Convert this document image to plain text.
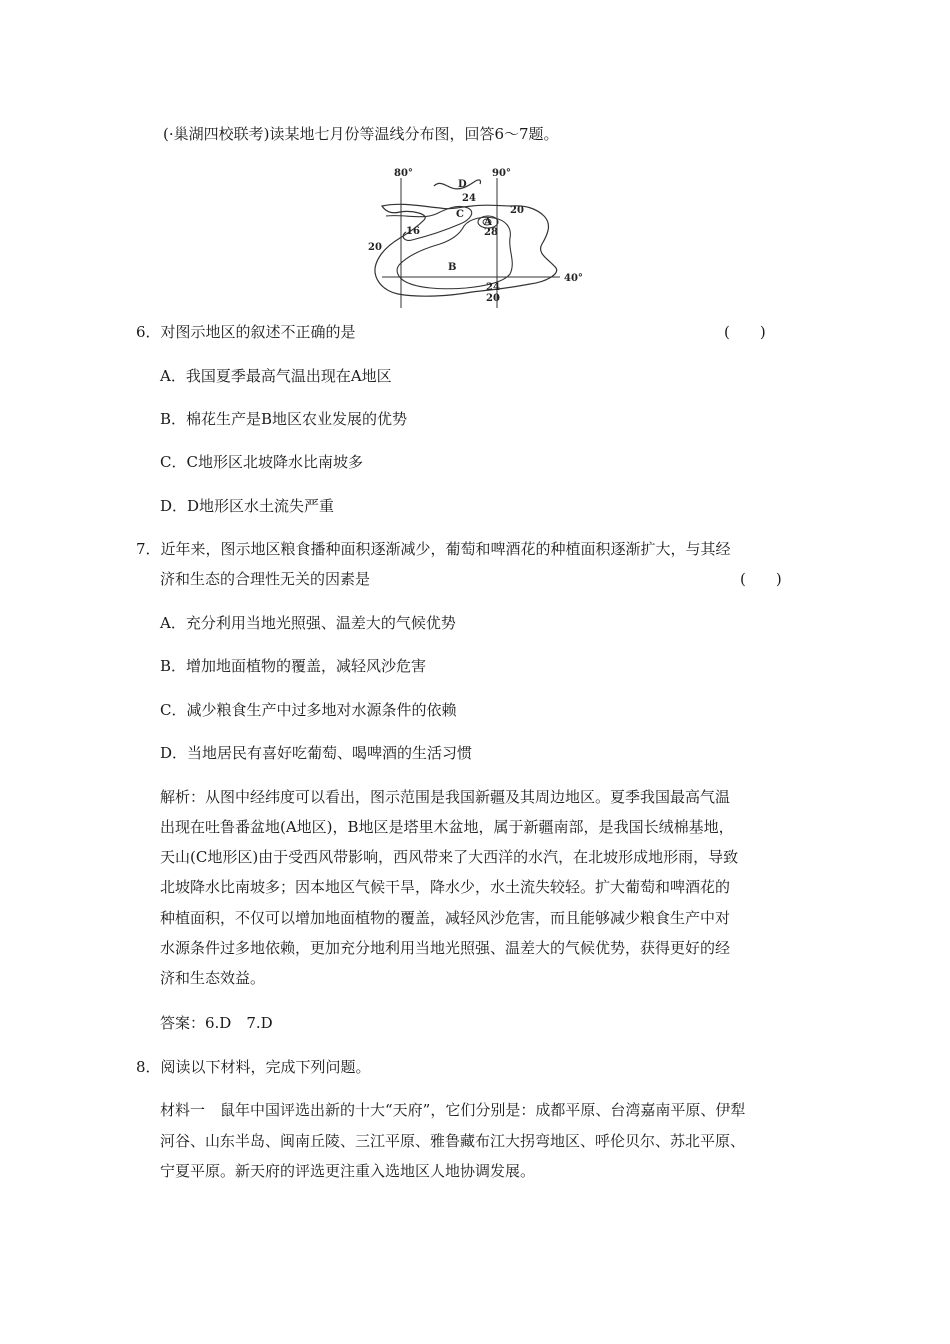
(·巢湖四校联考)读某地七月份等温线分布图，回答6～7题。
80°	90°
40°
D
24
C	20
A
28
16
20
B
24
20
6．对图示地区的叙述不正确的是	(　　)
A．我国夏季最高气温出现在A地区
B．棉花生产是B地区农业发展的优势
C．C地形区北坡降水比南坡多
D．D地形区水土流失严重
7．近年来，图示地区粮食播种面积逐渐减少，葡萄和啤酒花的种植面积逐渐扩大，与其经
济和生态的合理性无关的因素是	(　　)
A．充分利用当地光照强、温差大的气候优势
B．增加地面植物的覆盖，减轻风沙危害
C．减少粮食生产中过多地对水源条件的依赖
D．当地居民有喜好吃葡萄、喝啤酒的生活习惯
解析：从图中经纬度可以看出，图示范围是我国新疆及其周边地区。夏季我国最高气温
出现在吐鲁番盆地(A地区)，B地区是塔里木盆地，属于新疆南部，是我国长绒棉基地，
天山(C地形区)由于受西风带影响，西风带来了大西洋的水汽，在北坡形成地形雨，导致
北坡降水比南坡多；因本地区气候干旱，降水少，水土流失较轻。扩大葡萄和啤酒花的
种植面积，不仅可以增加地面植物的覆盖，减轻风沙危害，而且能够减少粮食生产中对
水源条件过多地依赖，更加充分地利用当地光照强、温差大的气候优势，获得更好的经
济和生态效益。
答案：6.D　7.D
8．阅读以下材料，完成下列问题。
材料一　鼠年中国评选出新的十大“天府”，它们分别是：成都平原、台湾嘉南平原、伊犁
河谷、山东半岛、闽南丘陵、三江平原、雅鲁藏布江大拐弯地区、呼伦贝尔、苏北平原、
宁夏平原。新天府的评选更注重入选地区人地协调发展。
